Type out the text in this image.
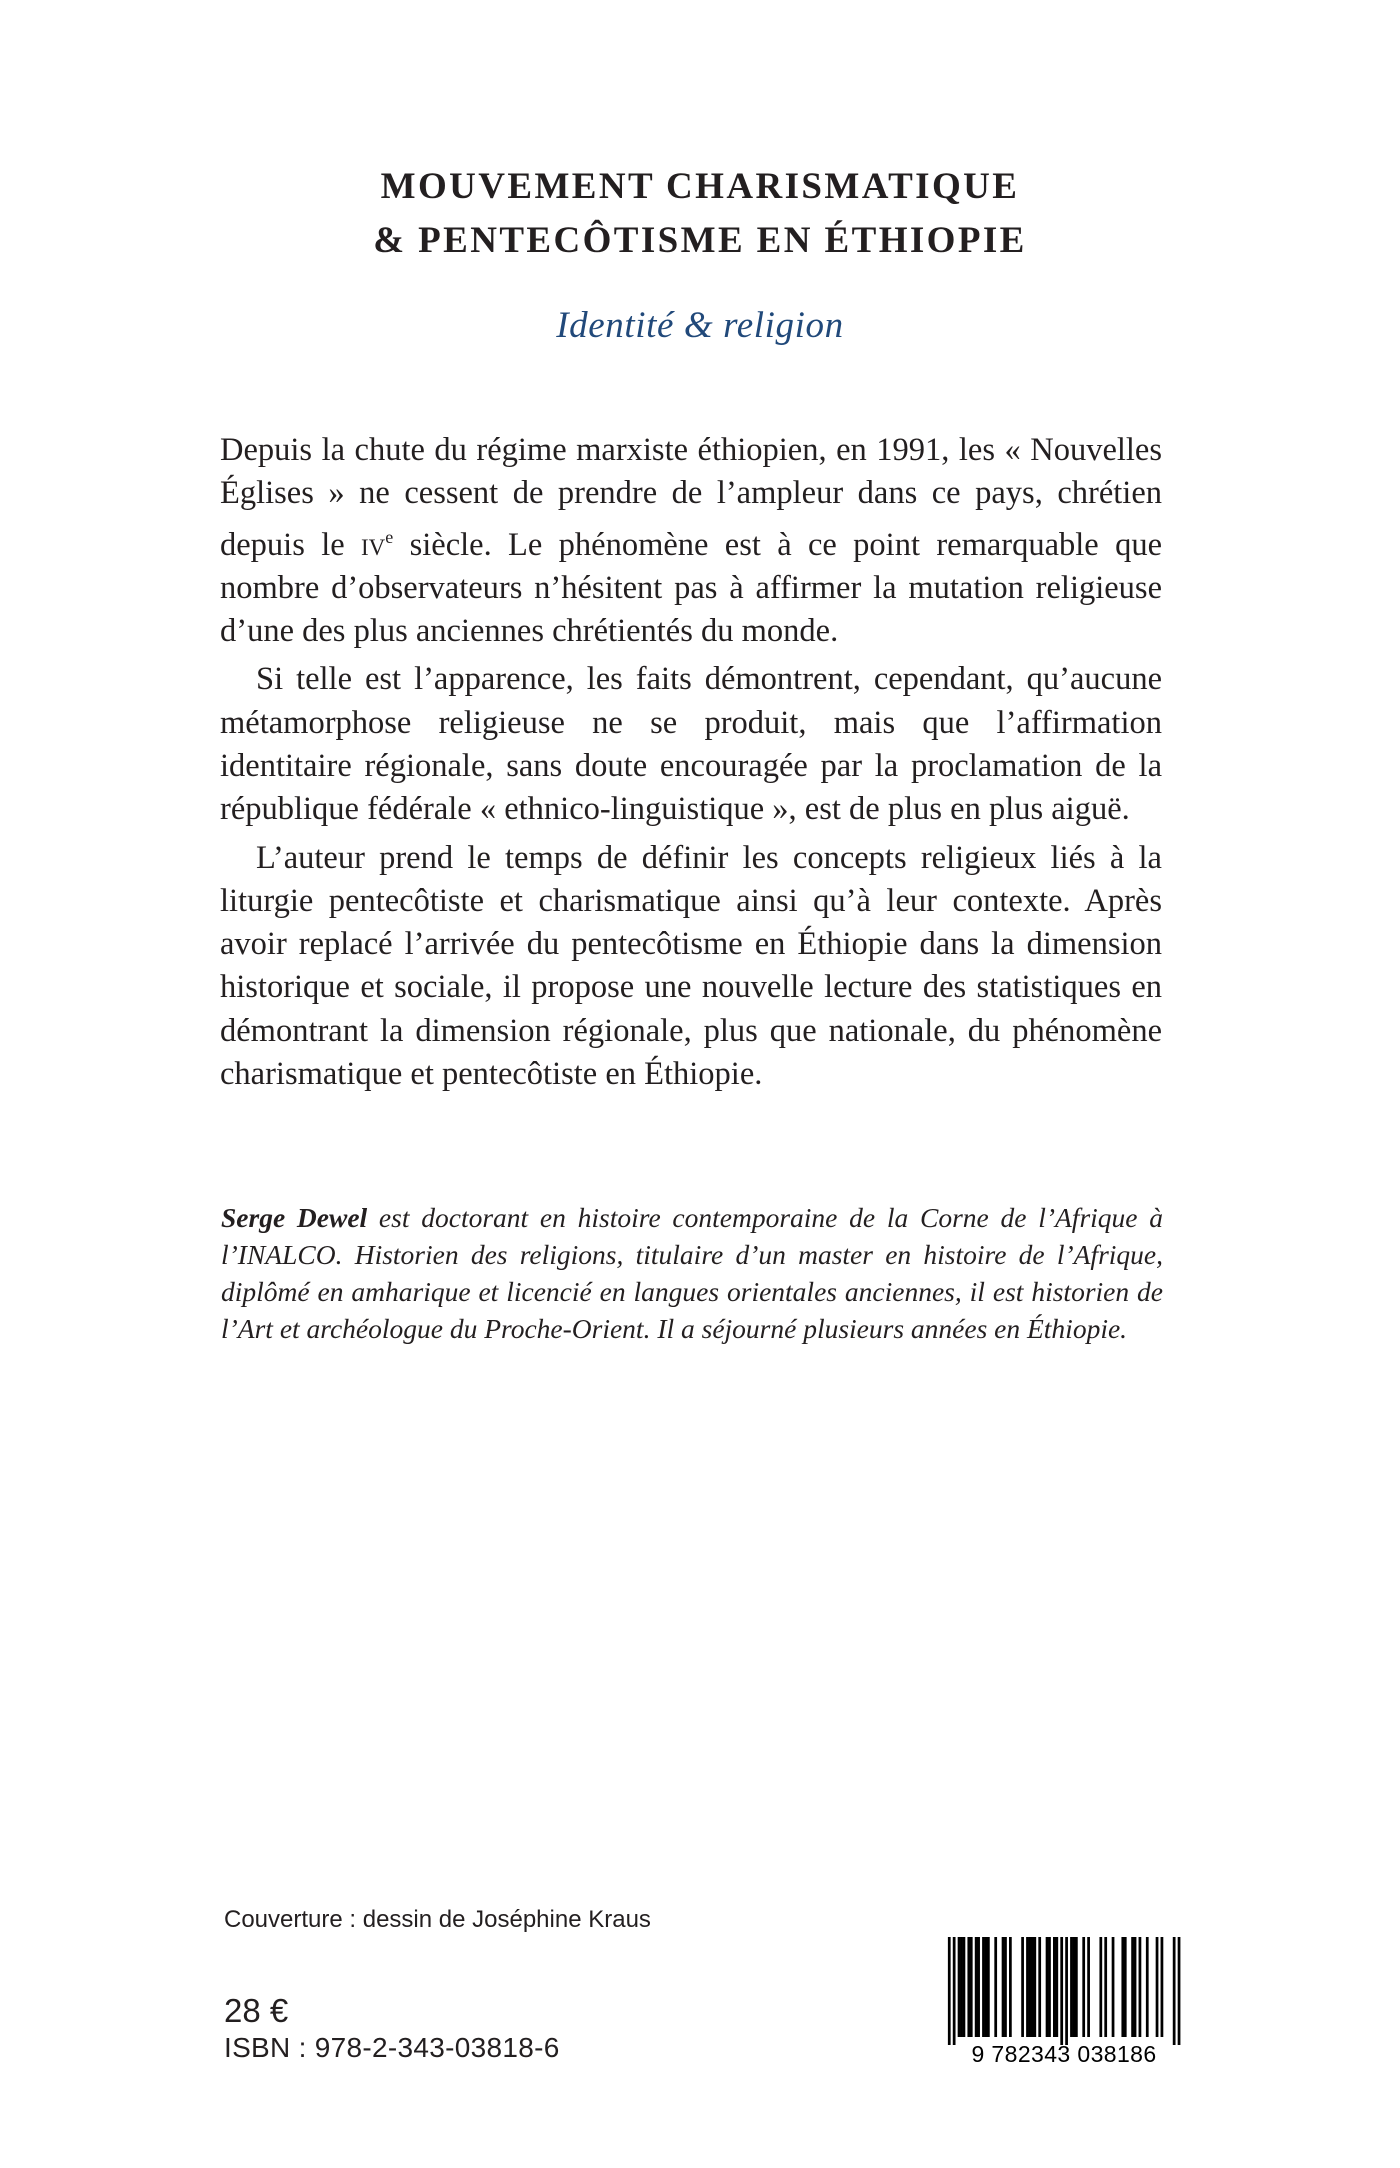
MOUVEMENT CHARISMATIQUE
& PENTECÔTISME EN ÉTHIOPIE
Identité & religion

Depuis la chute du régime marxiste éthiopien, en 1991, les « Nouvelles Églises » ne cessent de prendre de l’ampleur dans ce pays, chrétien depuis le $iv^e$ siècle. Le phénomène est à ce point remarquable que nombre d’observateurs n’hésitent pas à affirmer la mutation religieuse d’une des plus anciennes chrétientés du monde.

Si telle est l’apparence, les faits démontrent, cependant, qu’aucune métamorphose religieuse ne se produit, mais que l’affirmation identitaire régionale, sans doute encouragée par la proclamation de la république fédérale « ethnico-linguistique », est de plus en plus aiguë.

L’auteur prend le temps de définir les concepts religieux liés à la liturgie pentecôtiste et charismatique ainsi qu’à leur contexte. Après avoir replacé l’arrivée du pentecôtisme en Éthiopie dans la dimension historique et sociale, il propose une nouvelle lecture des statistiques en démontrant la dimension régionale, plus que nationale, du phénomène charismatique et pentecôtiste en Éthiopie.

Serge Dewel est doctorant en histoire contemporaine de la Corne de l’Afrique à l’INALCO. Historien des religions, titulaire d’un master en histoire de l’Afrique, diplômé en amharique et licencié en langues orientales anciennes, il est historien de l’Art et archéologue du Proche-Orient. Il a séjourné plusieurs années en Éthiopie.
Couverture : dessin de Joséphine Kraus
28 €
ISBN : 978-2-343-03818-6	9 782343 038186
